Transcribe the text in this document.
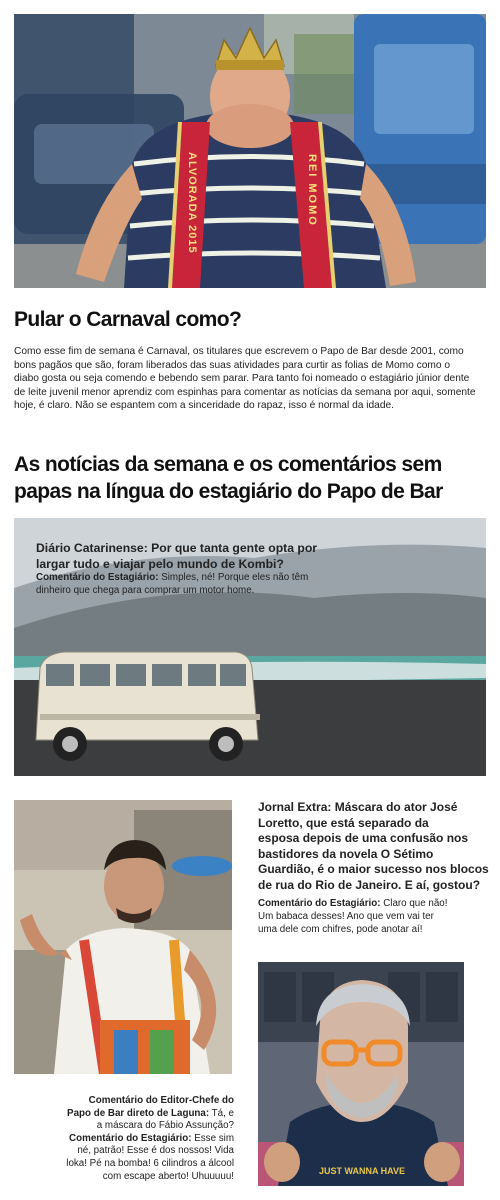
ALVORADA 2015	REI MOMO
Pular o Carnaval como?
Como esse fim de semana é Carnaval, os titulares que escrevem o Papo de Bar desde 2001, como bons pagãos que são, foram liberados das suas atividades para curtir as folias de Momo como o diabo gosta ou seja comendo e bebendo sem parar. Para tanto foi nomeado o estagiário júnior dente de leite juvenil menor aprendiz com espinhas para comentar as notícias da semana por aqui, somente hoje, é claro. Não se espantem com a sinceridade do rapaz, isso é normal da idade.
As notícias da semana e os comentários sem
papas na língua do estagiário do Papo de Bar
Diário Catarinense: Por que tanta gente opta por
largar tudo e viajar pelo mundo de Kombi?
Comentário do Estagiário: Simples, né! Porque eles não têm
dinheiro que chega para comprar um motor home.
Jornal Extra: Máscara do ator José
Loretto, que está separado da
esposa depois de uma confusão nos
bastidores da novela O Sétimo
Guardião, é o maior sucesso nos blocos
de rua do Rio de Janeiro. E aí, gostou?
Comentário do Estagiário: Claro que não!
Um babaca desses! Ano que vem vai ter
uma dele com chifres, pode anotar aí!
JUST WANNA HAVE
Comentário do Editor-Chefe do
Papo de Bar direto de Laguna: Tá, e
a máscara do Fábio Assunção?
Comentário do Estagiário: Esse sim
né, patrão! Esse é dos nossos! Vida
loka! Pé na bomba! 6 cilindros a álcool
com escape aberto! Uhuuuuu!
